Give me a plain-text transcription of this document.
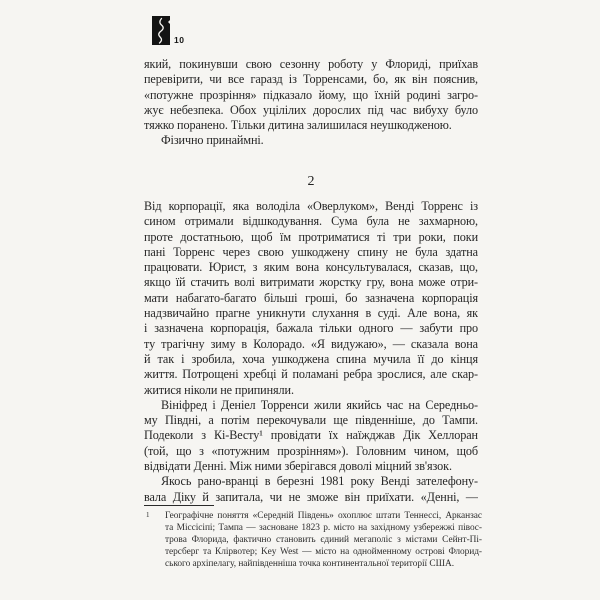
10
який, покинувши свою сезонну роботу у Флориді, приїхав
перевірити, чи все гаразд із Торренсами, бо, як він пояснив,
«потужне прозріння» підказало йому, що їхній родині загро-
жує небезпека. Обох уцілілих дорослих під час вибуху було
тяжко поранено. Тільки дитина залишилася неушкодженою.
Фізично принаймні.
2
Від корпорації, яка володіла «Оверлуком», Венді Торренс із
сином отримали відшкодування. Сума була не захмарною,
проте достатньою, щоб їм протриматися ті три роки, поки
пані Торренс через свою ушкоджену спину не була здатна
працювати. Юрист, з яким вона консультувалася, сказав, що,
якщо їй стачить волі витримати жорстку гру, вона може отри-
мати набагато-багато більші гроші, бо зазначена корпорація
надзвичайно прагне уникнути слухання в суді. Але вона, як
і зазначена корпорація, бажала тільки одного — забути про
ту трагічну зиму в Колорадо. «Я видужаю», — сказала вона
й так і зробила, хоча ушкоджена спина мучила її до кінця
життя. Потрощені хребці й поламані ребра зрослися, але скар-
житися ніколи не припиняли.
Вініфред і Деніел Торренси жили якийсь час на Середньо-
му Півдні, а потім перекочували ще південніше, до Тампи.
Подеколи з Кі-Весту¹ провідати їх наїжджав Дік Хеллоран
(той, що з «потужним прозрінням»). Головним чином, щоб
відвідати Денні. Між ними зберігався доволі міцний зв'язок.
Якось рано-вранці в березні 1981 року Венді зателефону-
вала Діку й запитала, чи не зможе він приїхати. «Денні, —
1 Географічне поняття «Середній Південь» охоплює штати Теннессі, Арканзас
та Міссісіпі; Тампа — засноване 1823 р. місто на західному узбережжі півос-
трова Флорида, фактично становить єдиний мегаполіс з містами Сейнт-Пі-
терсберг та Клірвотер; Key West — місто на однойменному острові Флорид-
ського архіпелагу, найпівденніша точка континентальної території США.
